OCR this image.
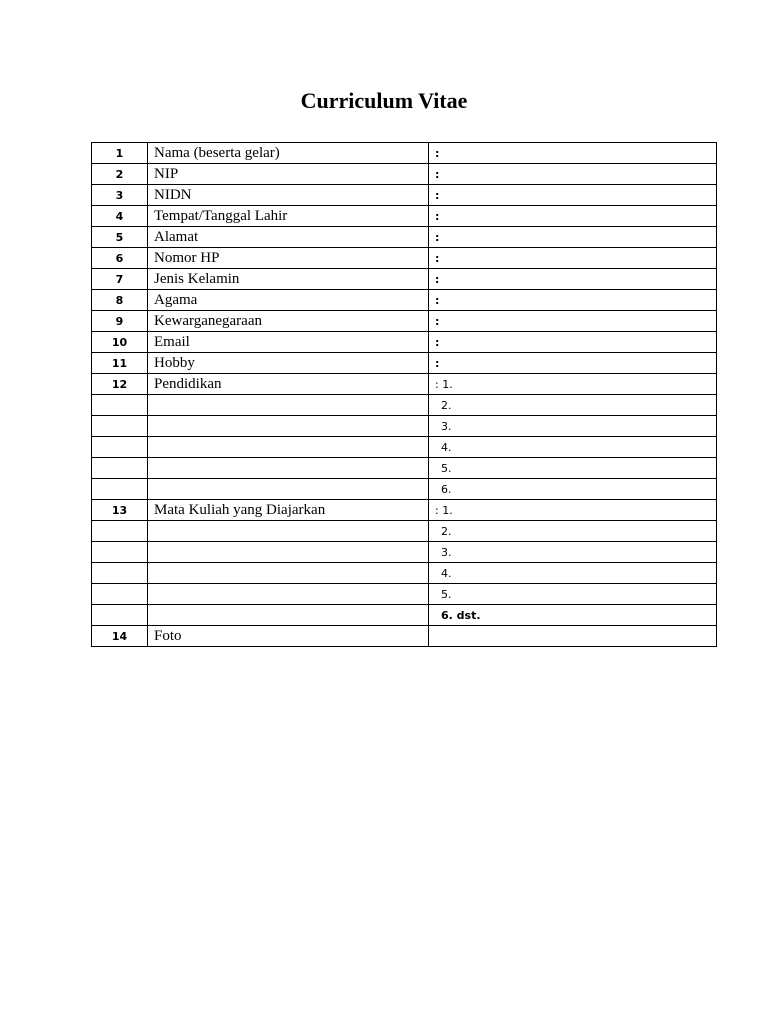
Curriculum Vitae
1	Nama (beserta gelar)	:
2	NIP	:
3	NIDN	:
4	Tempat/Tanggal Lahir	:
5	Alamat	:
6	Nomor HP	:
7	Jenis Kelamin	:
8	Agama	:
9	Kewarganegaraan	:
10	Email	:
11	Hobby	:
12	Pendidikan	: 1.
		2.
		3.
		4.
		5.
		6.
13	Mata Kuliah yang Diajarkan	: 1.
		2.
		3.
		4.
		5.
		6. dst.
14	Foto	
